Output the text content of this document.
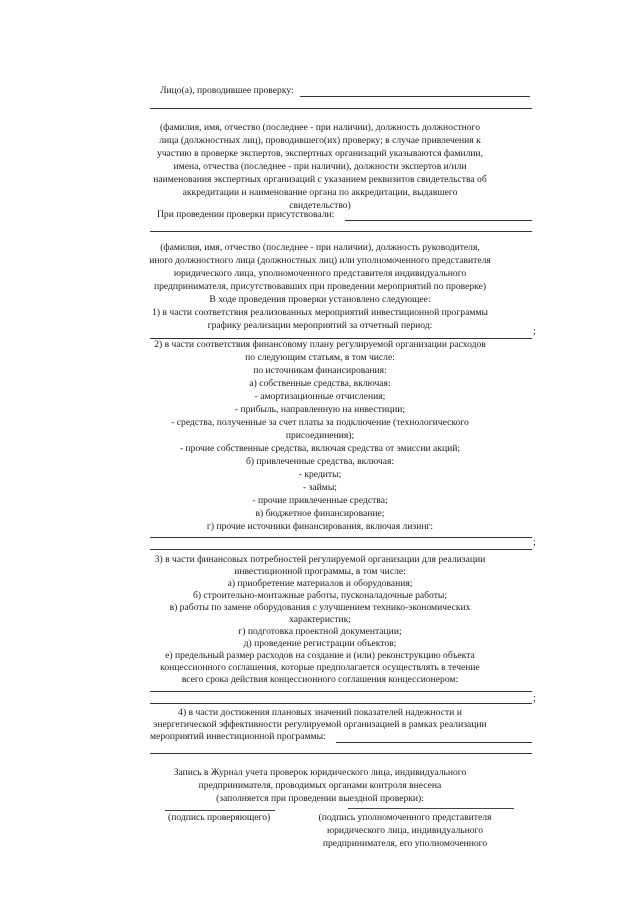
Лицо(а), проводившее проверку:
(фамилия, имя, отчество (последнее - при наличии), должность должностного
лица (должностных лиц), проводившего(их) проверку; в случае привлечения к
участию в проверке экспертов, экспертных организаций указываются фамилии,
имена, отчества (последнее - при наличии), должности экспертов и/или
наименования экспертных организаций с указанием реквизитов свидетельства об
аккредитации и наименование органа по аккредитации, выдавшего
свидетельство)
При проведении проверки присутствовали:
(фамилия, имя, отчество (последнее - при наличии), должность руководителя,
иного должностного лица (должностных лиц) или уполномоченного представителя
юридического лица, уполномоченного представителя индивидуального
предпринимателя, присутствовавших при проведении мероприятий по проверке)
В ходе проведения проверки установлено следующее:
1) в части соответствия реализованных мероприятий инвестиционной программы
графику реализации мероприятий за отчетный период:
;
2) в части соответствия финансовому плану регулируемой организации расходов
по следующим статьям, в том числе:
по источникам финансирования:
а) собственные средства, включая:
- амортизационные отчисления;
- прибыль, направленную на инвестиции;
- средства, полученные за счет платы за подключение (технологического
присоединения);
- прочие собственные средства, включая средства от эмиссии акций;
б) привлеченные средства, включая:
- кредиты;
- займы;
- прочие привлеченные средства;
в) бюджетное финансирование;
г) прочие источники финансирования, включая лизинг:
;
3) в части финансовых потребностей регулируемой организации для реализации
инвестиционной программы, в том числе:
а) приобретение материалов и оборудования;
б) строительно-монтажные работы, пусконаладочные работы;
в) работы по замене оборудования с улучшением технико-экономических
характеристик;
г) подготовка проектной документации;
д) проведение регистрации объектов;
е) предельный размер расходов на создание и (или) реконструкцию объекта
концессионного соглашения, которые предполагается осуществлять в течение
всего срока действия концессионного соглашения концессионером:
;
4) в части достижения плановых значений показателей надежности и
энергетической эффективности регулируемой организацией в рамках реализации
мероприятий инвестиционной программы:
Запись в Журнал учета проверок юридического лица, индивидуального
предпринимателя, проводимых органами контроля внесена
(заполняется при проведении выездной проверки):
(подпись проверяющего)	(подпись уполномоченного представителя
юридического лица, индивидуального
предпринимателя, его уполномоченного
